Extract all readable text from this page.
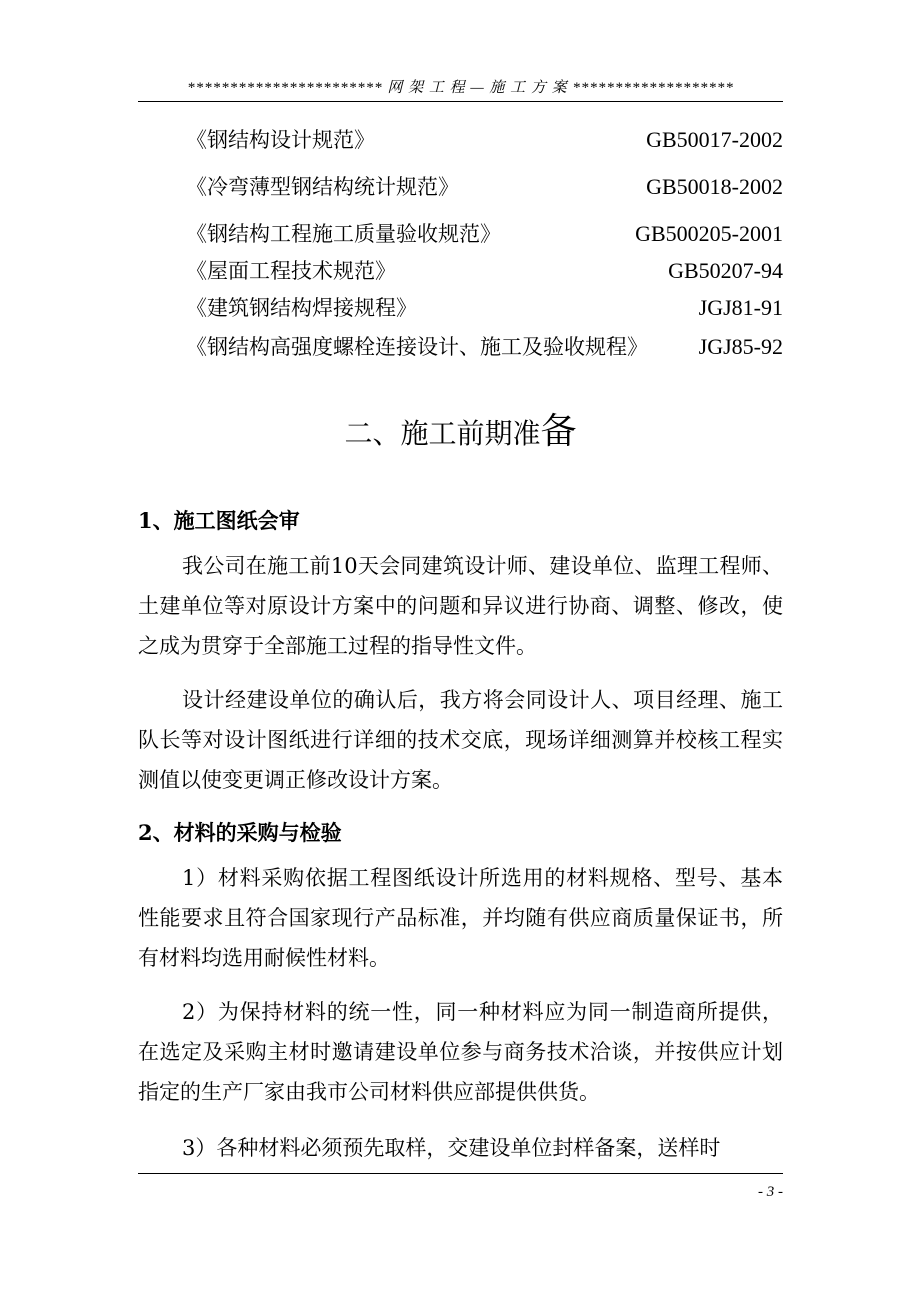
*********************** 网 架 工 程 — 施 工 方 案 *******************
《钢结构设计规范》	GB50017-2002
《冷弯薄型钢结构统计规范》	GB50018-2002
《钢结构工程施工质量验收规范》	GB500205-2001
《屋面工程技术规范》	GB50207-94
《建筑钢结构焊接规程》	JGJ81-91
《钢结构高强度螺栓连接设计、施工及验收规程》 JGJ85-92
二、施工前期准备
1、施工图纸会审

我公司在施工前10天会同建筑设计师、建设单位、监理工程师、土建单位等对原设计方案中的问题和异议进行协商、调整、修改，使之成为贯穿于全部施工过程的指导性文件。

设计经建设单位的确认后，我方将会同设计人、项目经理、施工队长等对设计图纸进行详细的技术交底，现场详细测算并校核工程实测值以使变更调正修改设计方案。

2、材料的采购与检验

1）材料采购依据工程图纸设计所选用的材料规格、型号、基本性能要求且符合国家现行产品标准，并均随有供应商质量保证书，所有材料均选用耐候性材料。

2）为保持材料的统一性，同一种材料应为同一制造商所提供，在选定及采购主材时邀请建设单位参与商务技术洽谈，并按供应计划指定的生产厂家由我市公司材料供应部提供供货。

3）各种材料必须预先取样，交建设单位封样备案，送样时

- 3 -
